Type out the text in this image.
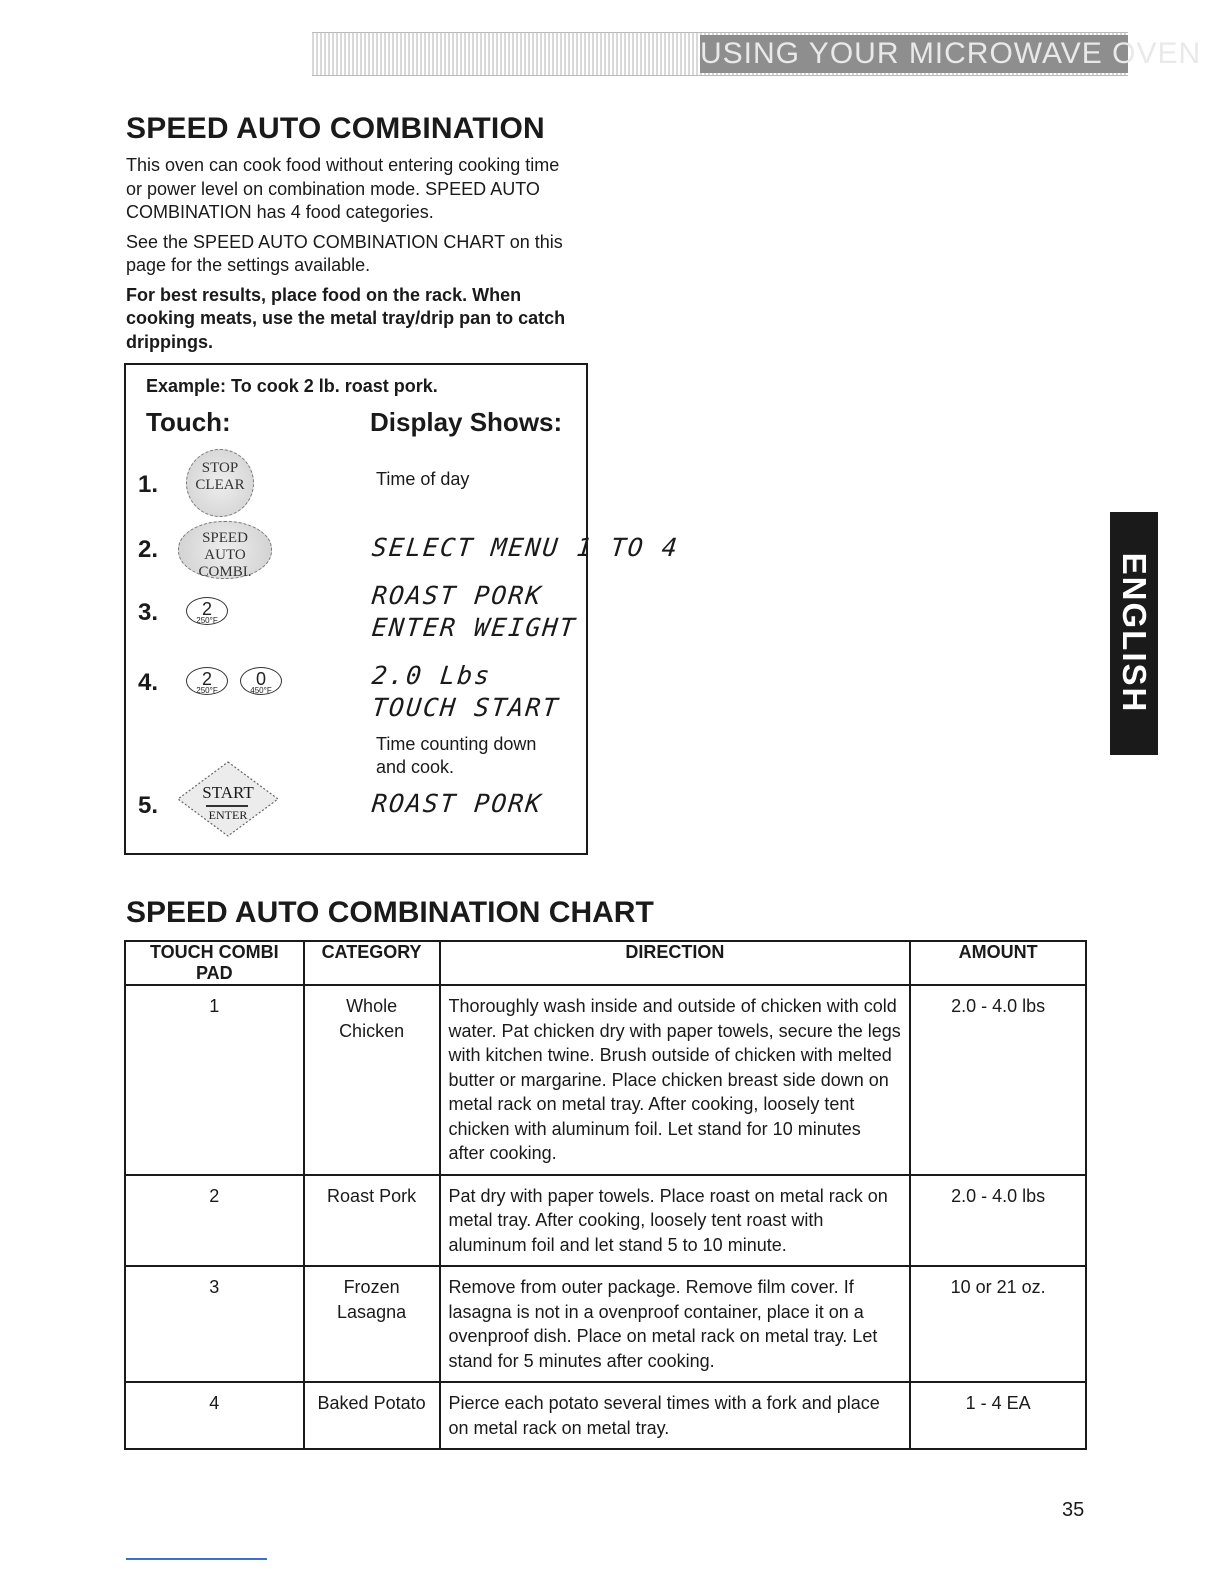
USING YOUR MICROWAVE OVEN
ENGLISH
SPEED AUTO COMBINATION

This oven can cook food without entering cooking time or power level on combination mode. SPEED AUTO COMBINATION has 4 food categories.

See the SPEED AUTO COMBINATION CHART on this page for the settings available.

For best results, place food on the rack. When cooking meats, use the metal tray/drip pan to catch drippings.

Example: To cook 2 lb. roast pork.
Touch:	Display Shows:
1.
STOP
CLEAR	Time of day
2.	SPEED
AUTO COMBI.
SELECT MENU 1 TO 4
3.	2
250°F
ROAST PORK
ENTER WEIGHT
4.	2
250°F
0
450°F
2.0 Lbs
TOUCH START
Time counting down and cook.
5.	START
ENTER	ROAST PORK
SPEED AUTO COMBINATION CHART
TOUCH COMBI PAD	CATEGORY	DIRECTION	AMOUNT
1	Whole Chicken	Thoroughly wash inside and outside of chicken with cold water. Pat chicken dry with paper towels, secure the legs with kitchen twine. Brush outside of chicken with melted butter or margarine. Place chicken breast side down on metal rack on metal tray. After cooking, loosely tent chicken with aluminum foil. Let stand for 10 minutes after cooking.	2.0 - 4.0 lbs
2	Roast Pork	Pat dry with paper towels. Place roast on metal rack on metal tray. After cooking, loosely tent roast with aluminum foil and let stand 5 to 10 minute.	2.0 - 4.0 lbs
3	Frozen Lasagna	Remove from outer package. Remove film cover. If lasagna is not in a ovenproof container, place it on a ovenproof dish. Place on metal rack on metal tray. Let stand for 5 minutes after cooking.	10 or 21 oz.
4	Baked Potato	Pierce each potato several times with a fork and place on metal rack on metal tray.	1 - 4 EA
35
